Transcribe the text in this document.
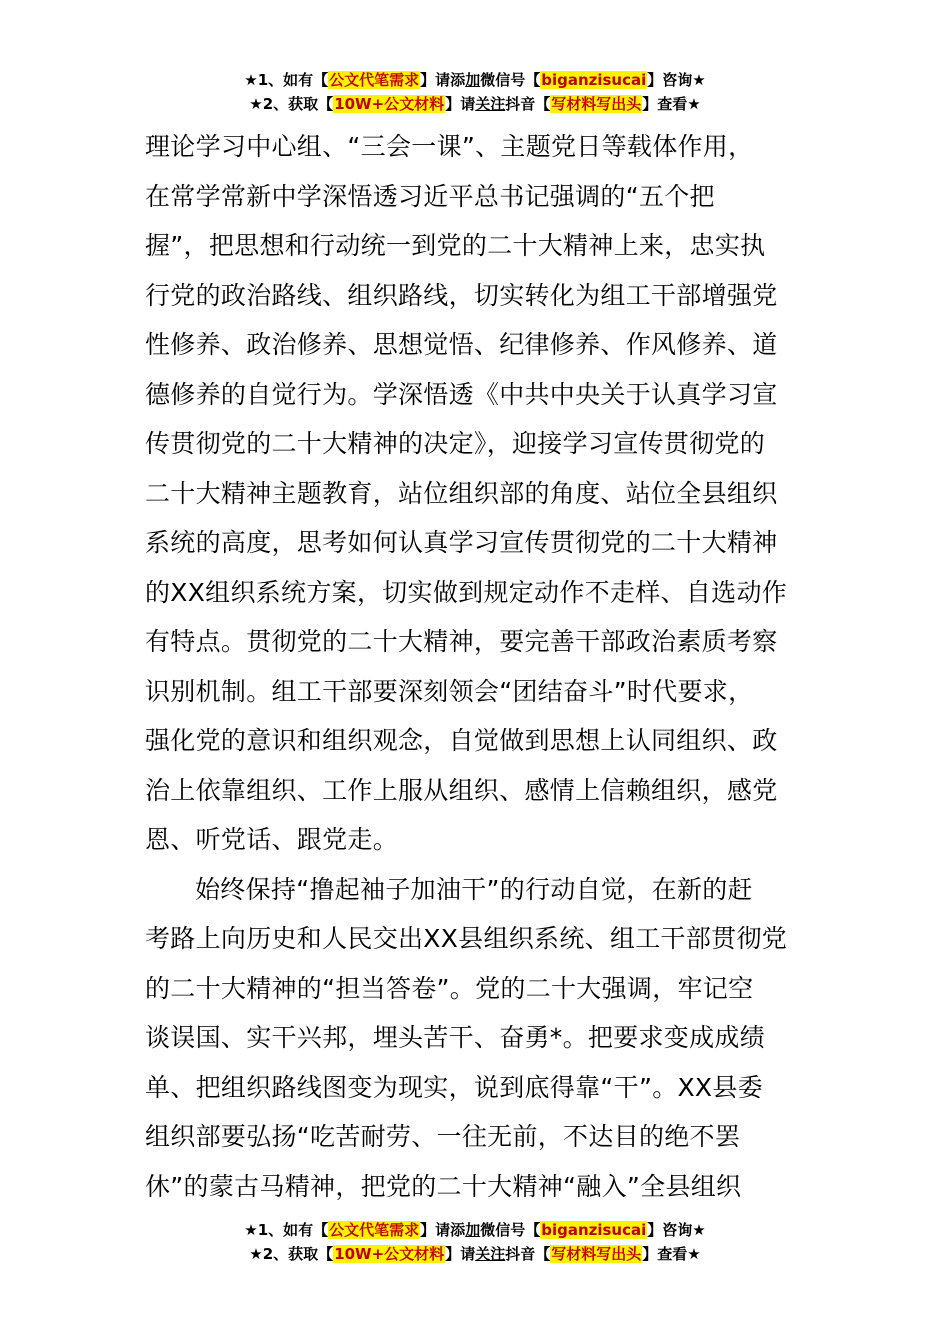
★1、如有【公文代笔需求】请添加微信号【biganzisucai】咨询★
★2、获取【10W+公文材料】请关注抖音【写材料写出头】查看★
理论学习中心组、“三会一课”、主题党日等载体作用，
在常学常新中学深悟透习近平总书记强调的“五个把
握”，把思想和行动统一到党的二十大精神上来，忠实执
行党的政治路线、组织路线，切实转化为组工干部增强党
性修养、政治修养、思想觉悟、纪律修养、作风修养、道
德修养的自觉行为。学深悟透《中共中央关于认真学习宣
传贯彻党的二十大精神的决定》，迎接学习宣传贯彻党的
二十大精神主题教育，站位组织部的角度、站位全县组织
系统的高度，思考如何认真学习宣传贯彻党的二十大精神
的XX组织系统方案，切实做到规定动作不走样、自选动作
有特点。贯彻党的二十大精神，要完善干部政治素质考察
识别机制。组工干部要深刻领会“团结奋斗”时代要求，
强化党的意识和组织观念，自觉做到思想上认同组织、政
治上依靠组织、工作上服从组织、感情上信赖组织，感党
恩、听党话、跟党走。
始终保持“撸起袖子加油干”的行动自觉，在新的赶
考路上向历史和人民交出XX县组织系统、组工干部贯彻党
的二十大精神的“担当答卷”。党的二十大强调，牢记空
谈误国、实干兴邦，埋头苦干、奋勇*。把要求变成成绩
单、把组织路线图变为现实，说到底得靠“干”。XX县委
组织部要弘扬“吃苦耐劳、一往无前，不达目的绝不罢
休”的蒙古马精神，把党的二十大精神“融入”全县组织
★1、如有【公文代笔需求】请添加微信号【biganzisucai】咨询★
★2、获取【10W+公文材料】请关注抖音【写材料写出头】查看★
